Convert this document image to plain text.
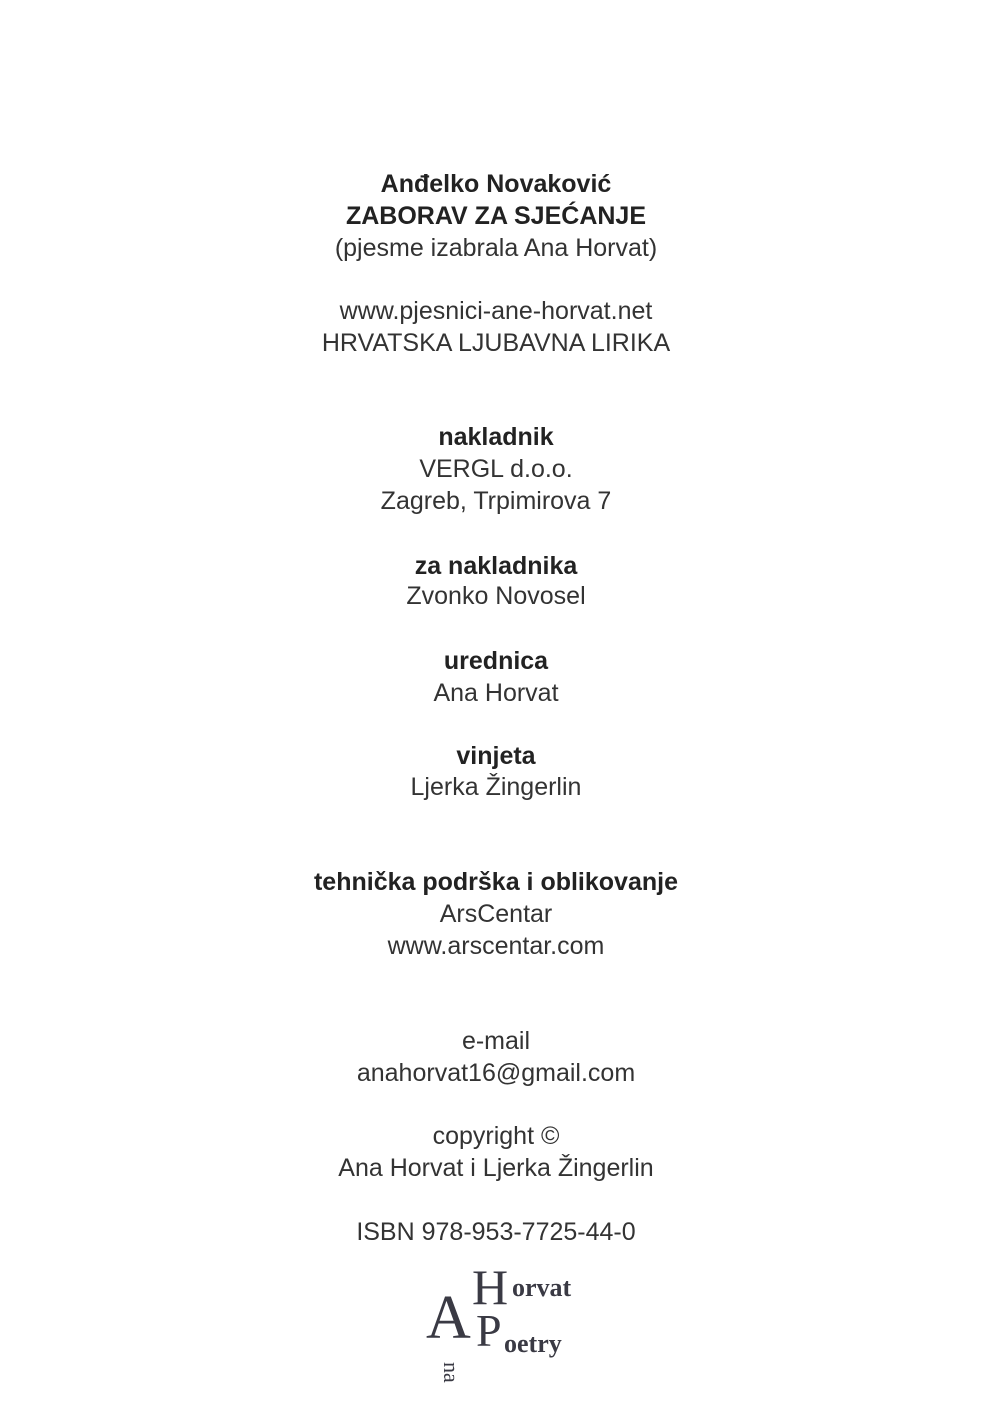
Anđelko Novaković
ZABORAV ZA SJEĆANJE
(pjesme izabrala Ana Horvat)
www.pjesnici-ane-horvat.net
HRVATSKA LJUBAVNA LIRIKA
nakladnik
VERGL d.o.o.
Zagreb, Trpimirova 7
za nakladnika
Zvonko Novosel
urednica
Ana Horvat
vinjeta
Ljerka Žingerlin
tehnička podrška i oblikovanje
ArsCentar
www.arscentar.com
e-mail
anahorvat16@gmail.com
copyright ©
Ana Horvat i Ljerka Žingerlin
ISBN 978-953-7725-44-0
A
na
H orvat
P oetry
